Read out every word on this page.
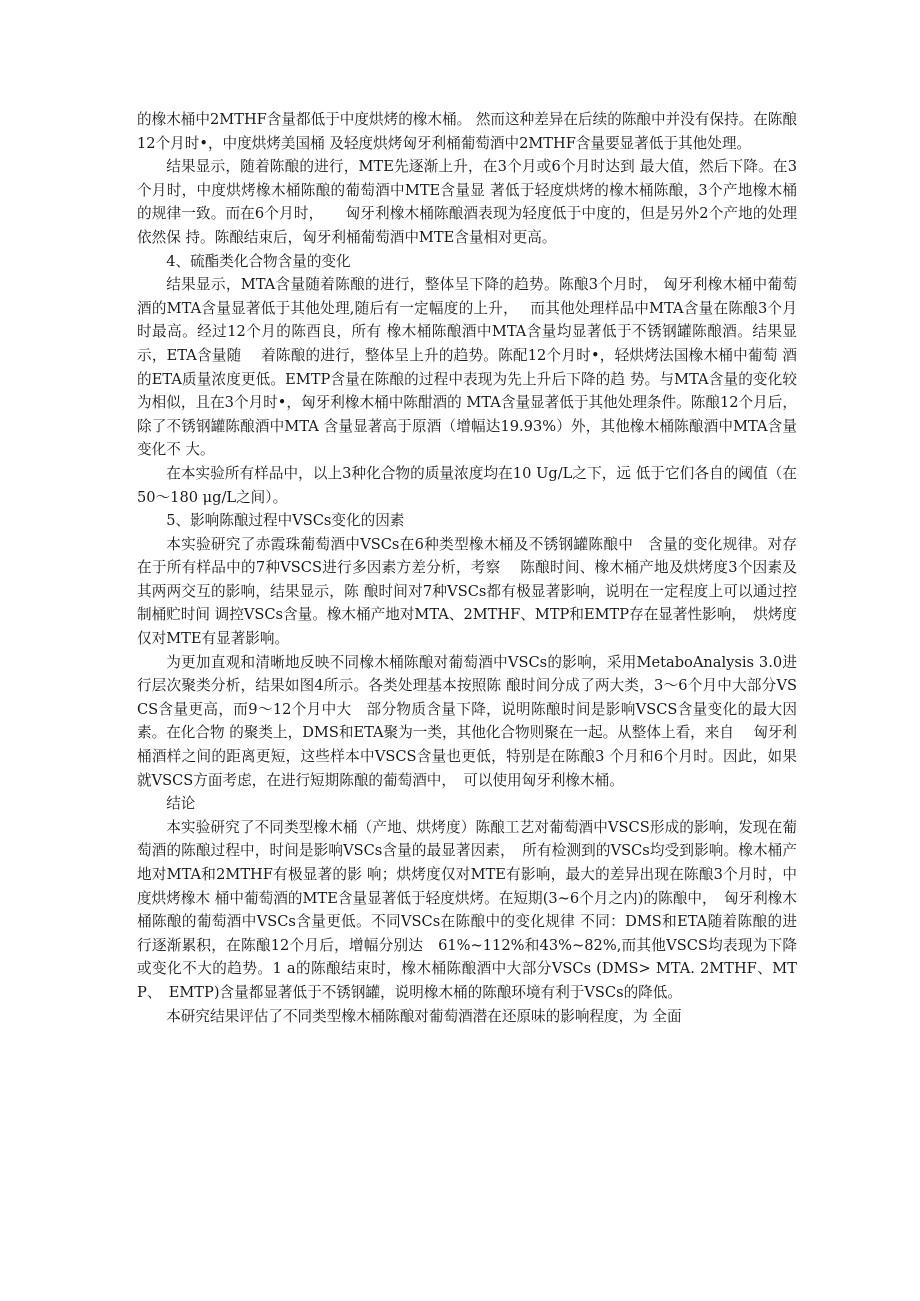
的橡木桶中2MTHF含量都低于中度烘烤的橡木桶。 然而这种差异在后续的陈酿中并没有保持。在陈酿12个月时•，中度烘烤美国桶 及轻度烘烤匈牙利桶葡萄酒中2MTHF含量要显著低于其他处理。

结果显示，随着陈酿的进行，MTE先逐渐上升，在3个月或6个月时达到 最大值，然后下降。在3个月时，中度烘烤橡木桶陈酿的葡萄酒中MTE含量显 著低于轻度烘烤的橡木桶陈酿，3个产地橡木桶的规律一致。而在6个月时，　　匈牙利橡木桶陈酿酒表现为轻度低于中度的，但是另外2个产地的处理依然保 持。陈酿结束后，匈牙利桶葡萄酒中MTE含量相对更高。

4、硫酯类化合物含量的变化

结果显示，MTA含量随着陈酿的进行，整体呈下降的趋势。陈酿3个月时， 匈牙利橡木桶中葡萄酒的MTA含量显著低于其他处理,随后有一定幅度的上升，　 而其他处理样品中MTA含量在陈酿3个月时最高。经过12个月的陈酉良，所有 橡木桶陈酿酒中MTA含量均显著低于不锈钢罐陈酿酒。结果显示，ETA含量随　 着陈酿的进行，整体呈上升的趋势。陈配12个月时•，轻烘烤法国橡木桶中葡萄 酒的ETA质量浓度更低。EMTP含量在陈酿的过程中表现为先上升后下降的趋 势。与MTA含量的变化较为相似，且在3个月时•，匈牙利橡木桶中陈酣酒的 MTA含量显著低于其他处理条件。陈酿12个月后，除了不锈钢罐陈酿酒中MTA 含量显著高于原酒（增幅达19.93%）外，其他橡木桶陈酿酒中MTA含量变化不 大。

在本实验所有样品中，以上3种化合物的质量浓度均在10 Ug/L之下，远 低于它们各自的阈值（在50～180 μg/L之间）。

5、影响陈酿过程中VSCs变化的因素

本实验研究了赤霞珠葡萄酒中VSCs在6种类型橡木桶及不锈钢罐陈酿中　含量的变化规律。对存在于所有样品中的7种VSCS进行多因素方差分析，考察　 陈酿时间、橡木桶产地及烘烤度3个因素及其两两交互的影响，结果显示，陈 酿时间对7种VSCs都有极显著影响，说明在一定程度上可以通过控制桶贮时间 调控VSCs含量。橡木桶产地对MTA、2MTHF、MTP和EMTP存在显著性影响，　烘烤度仅对MTE有显著影响。

为更加直观和清晰地反映不同橡木桶陈酿对葡萄酒中VSCs的影响，采用MetaboAnalysis 3.0进行层次聚类分析，结果如图4所示。各类处理基本按照陈 酿时间分成了两大类，3～6个月中大部分VSCS含量更高，而9～12个月中大　部分物质含量下降，说明陈酿时间是影响VSCS含量变化的最大因素。在化合物 的聚类上，DMS和ETA聚为一类，其他化合物则聚在一起。从整体上看，来自　 匈牙利桶酒样之间的距离更短，这些样本中VSCS含量也更低，特别是在陈酿3 个月和6个月时。因此，如果就VSCS方面考虑，在进行短期陈酿的葡萄酒中，　可以使用匈牙利橡木桶。

结论

本实验研究了不同类型橡木桶（产地、烘烤度）陈酿工艺对葡萄酒中VSCS形成的影响，发现在葡萄酒的陈酿过程中，时间是影响VSCs含量的最显著因素，　所有检测到的VSCs均受到影响。橡木桶产地对MTA和2MTHF有极显著的影 响；烘烤度仅对MTE有影响，最大的差异出现在陈酿3个月时，中度烘烤橡木 桶中葡萄酒的MTE含量显著低于轻度烘烤。在短期(3~6个月之内)的陈酿中，　匈牙利橡木桶陈酿的葡萄酒中VSCs含量更低。不同VSCs在陈酿中的变化规律 不同：DMS和ETA随着陈酿的进行逐渐累积，在陈酿12个月后，增幅分别达　61%~112%和43%~82%,而其他VSCS均表现为下降或变化不大的趋势。1 a的陈酿结束时，橡木桶陈酿酒中大部分VSCs (DMS> MTA. 2MTHF、MTP、　EMTP)含量都显著低于不锈钢罐，说明橡木桶的陈酿环境有利于VSCs的降低。

本研究结果评估了不同类型橡木桶陈酿对葡萄酒潜在还原味的影响程度，为 全面
